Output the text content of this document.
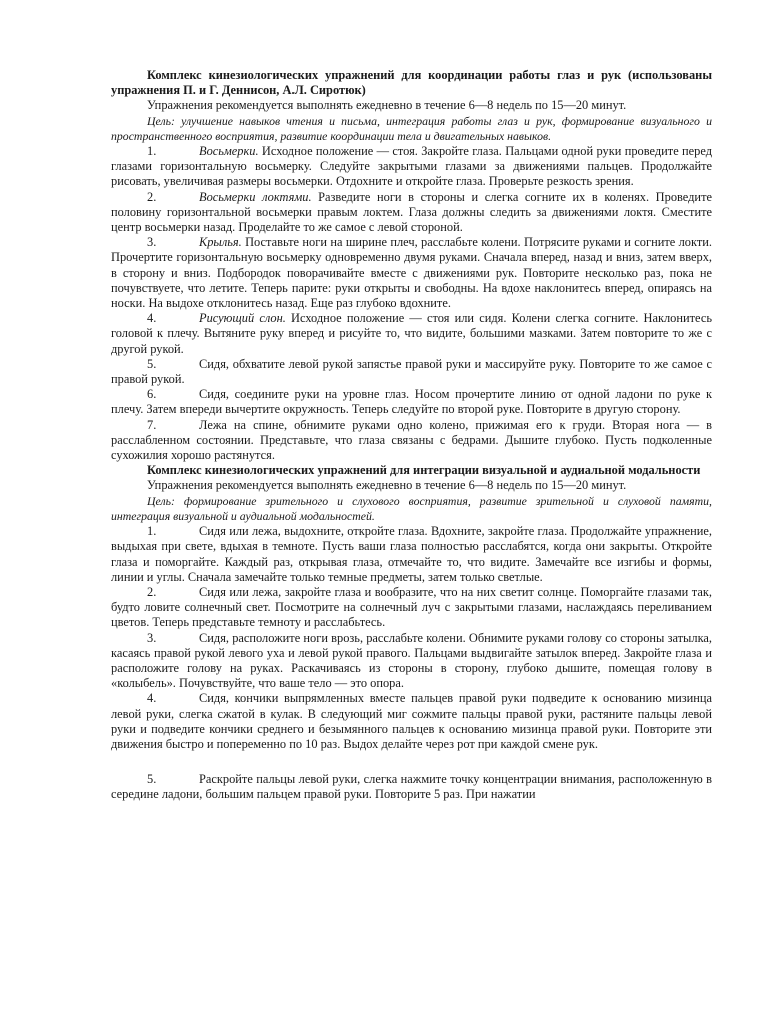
Комплекс кинезиологических упражнений для координации работы глаз и рук (использованы упражнения П. и Г. Деннисон, А.Л. Сиротюк)

Упражнения рекомендуется выполнять ежедневно в течение 6—8 недель по 15—20 минут.

Цель: улучшение навыков чтения и письма, интеграция работы глаз и рук, формирование визуального и пространственного восприятия, развитие координации тела и двигательных навыков.

1.	Восьмерки. Исходное положение — стоя. Закройте глаза. Пальцами одной руки проведите перед глазами горизонтальную восьмерку. Следуйте закрытыми глазами за движениями пальцев. Продолжайте рисовать, увеличивая размеры восьмерки. Отдохните и откройте глаза. Проверьте резкость зрения.

2.	Восьмерки локтями. Разведите ноги в стороны и слегка согните их в коленях. Проведите половину горизонтальной восьмерки правым локтем. Глаза должны следить за движениями локтя. Сместите центр восьмерки назад. Проделайте то же самое с левой стороной.

3.	Крылья. Поставьте ноги на ширине плеч, расслабьте колени. Потрясите руками и согните локти. Прочертите горизонтальную восьмерку одновременно двумя руками. Сначала вперед, назад и вниз, затем вверх, в сторону и вниз. Подбородок поворачивайте вместе с движениями рук. Повторите несколько раз, пока не почувствуете, что летите. Теперь парите: руки открыты и свободны. На вдохе наклонитесь вперед, опираясь на носки. На выдохе отклонитесь назад. Еще раз глубоко вдохните.

4.	Рисующий слон. Исходное положение — стоя или сидя. Колени слегка согните. Наклонитесь головой к плечу. Вытяните руку вперед и рисуйте то, что видите, большими мазками. Затем повторите то же с другой рукой.

5.	Сидя, обхватите левой рукой запястье правой руки и массируйте руку. Повторите то же самое с правой рукой.

6.	Сидя, соедините руки на уровне глаз. Носом прочертите линию от одной ладони по руке к плечу. Затем впереди вычертите окружность. Теперь следуйте по второй руке. Повторите в другую сторону.

7.	Лежа на спине, обнимите руками одно колено, прижимая его к груди. Вторая нога — в расслабленном состоянии. Представьте, что глаза связаны с бедрами. Дышите глубоко. Пусть подколенные сухожилия хорошо растянутся.

Комплекс кинезиологических упражнений для интеграции визуальной и аудиальной модальности

Упражнения рекомендуется выполнять ежедневно в течение 6—8 недель по 15—20 минут.

Цель: формирование зрительного и слухового восприятия, развитие зрительной и слуховой памяти, интеграция визуальной и аудиальной модальностей.

1.	Сидя или лежа, выдохните, откройте глаза. Вдохните, закройте глаза. Продолжайте упражнение, выдыхая при свете, вдыхая в темноте. Пусть ваши глаза полностью расслабятся, когда они закрыты. Откройте глаза и поморгайте. Каждый раз, открывая глаза, отмечайте то, что видите. Замечайте все изгибы и формы, линии и углы. Сначала замечайте только темные предметы, затем только светлые.

2.	Сидя или лежа, закройте глаза и вообразите, что на них светит солнце. Поморгайте глазами так, будто ловите солнечный свет. Посмотрите на солнечный луч с закрытыми глазами, наслаждаясь переливанием цветов. Теперь представьте темноту и расслабьтесь.

3.	Сидя, расположите ноги врозь, расслабьте колени. Обнимите руками голову со стороны затылка, касаясь правой рукой левого уха и левой рукой правого. Пальцами выдвигайте затылок вперед. Закройте глаза и расположите голову на руках. Раскачиваясь из стороны в сторону, глубоко дышите, помещая голову в «колыбель». Почувствуйте, что ваше тело — это опора.

4.	Сидя, кончики выпрямленных вместе пальцев правой руки подведите к основанию мизинца левой руки, слегка сжатой в кулак. В следующий миг сожмите пальцы правой руки, растяните пальцы левой руки и подведите кончики среднего и безымянного пальцев к основанию мизинца правой руки. Повторите эти движения быстро и попеременно по 10 раз. Выдох делайте через рот при каждой смене рук.

5.	Раскройте пальцы левой руки, слегка нажмите точку концентрации внимания, расположенную в середине ладони, большим пальцем правой руки. Повторите 5 раз. При нажатии
